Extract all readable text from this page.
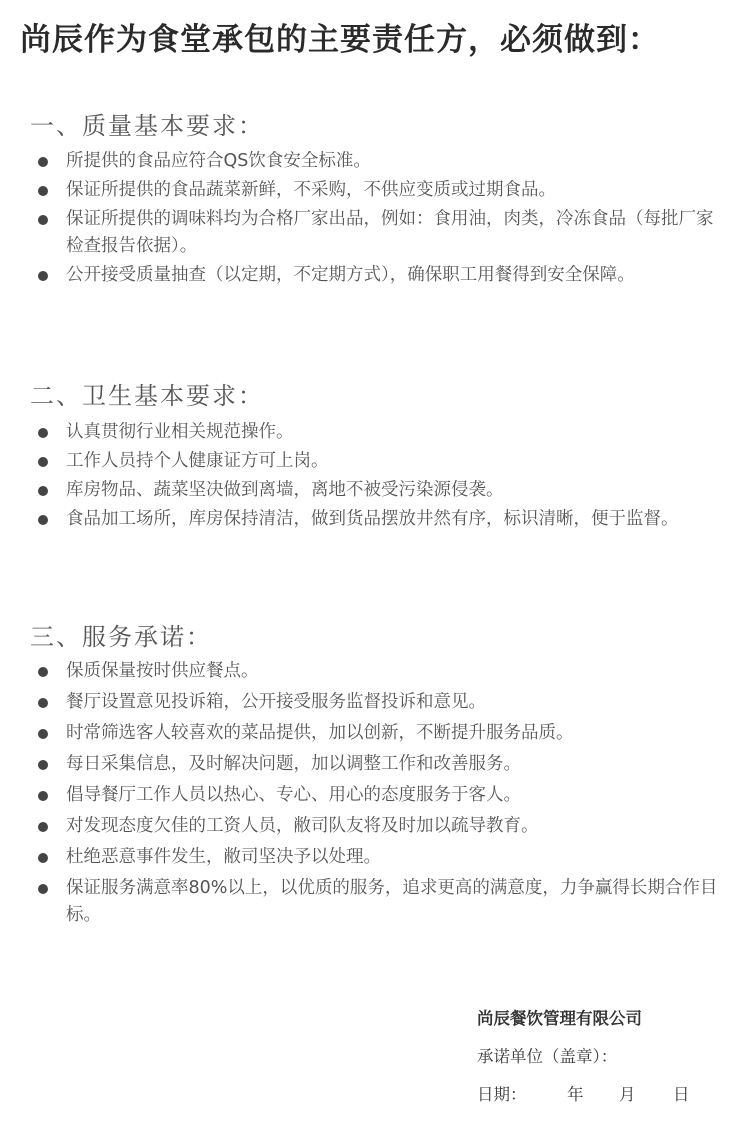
尚辰作为食堂承包的主要责任方，必须做到：
一、质量基本要求：
所提供的食品应符合QS饮食安全标准。
保证所提供的食品蔬菜新鲜，不采购，不供应变质或过期食品。
保证所提供的调味料均为合格厂家出品，例如：食用油，肉类，冷冻食品（每批厂家检查报告依据）。
公开接受质量抽查（以定期，不定期方式），确保职工用餐得到安全保障。
二、卫生基本要求：
认真贯彻行业相关规范操作。
工作人员持个人健康证方可上岗。
库房物品、蔬菜坚决做到离墙，离地不被受污染源侵袭。
食品加工场所，库房保持清洁，做到货品摆放井然有序，标识清晰，便于监督。
三、服务承诺：
保质保量按时供应餐点。
餐厅设置意见投诉箱，公开接受服务监督投诉和意见。
时常筛选客人较喜欢的菜品提供，加以创新，不断提升服务品质。
每日采集信息，及时解决问题，加以调整工作和改善服务。
倡导餐厅工作人员以热心、专心、用心的态度服务于客人。
对发现态度欠佳的工资人员，敝司队友将及时加以疏导教育。
杜绝恶意事件发生，敝司坚决予以处理。
保证服务满意率80%以上，以优质的服务，追求更高的满意度，力争赢得长期合作目标。
尚辰餐饮管理有限公司
承诺单位（盖章）：
日期： 年 月 日
